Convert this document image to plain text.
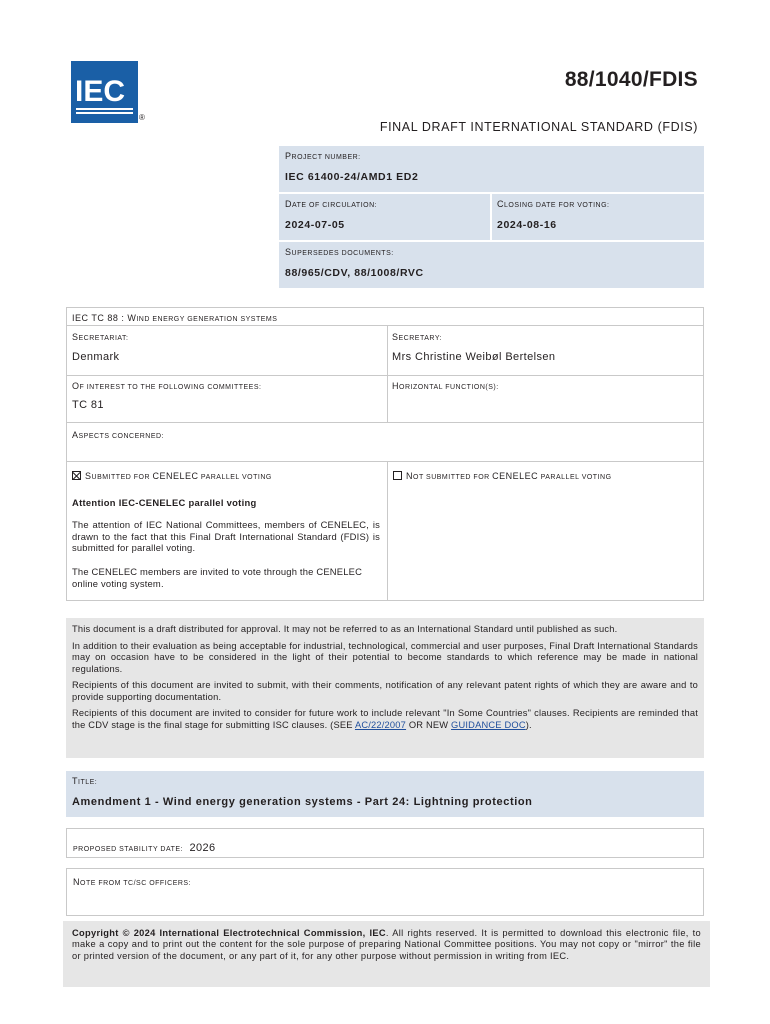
IEC
®
88/1040/FDIS
FINAL DRAFT INTERNATIONAL STANDARD (FDIS)
PROJECT NUMBER:
IEC 61400-24/AMD1 ED2
DATE OF CIRCULATION:
2024-07-05
CLOSING DATE FOR VOTING:
2024-08-16
SUPERSEDES DOCUMENTS:
88/965/CDV, 88/1008/RVC
IEC TC 88 : WIND ENERGY GENERATION SYSTEMS
SECRETARIAT:
Denmark
SECRETARY:
Mrs Christine Weibøl Bertelsen
OF INTEREST TO THE FOLLOWING COMMITTEES:
TC 81
HORIZONTAL FUNCTION(S):
ASPECTS CONCERNED:
SUBMITTED FOR CENELEC PARALLEL VOTING	NOT SUBMITTED FOR CENELEC PARALLEL VOTING
Attention IEC-CENELEC parallel voting
The attention of IEC National Committees, members of CENELEC, is drawn to the fact that this Final Draft International Standard (FDIS) is submitted for parallel voting.
The CENELEC members are invited to vote through the CENELEC online voting system.

This document is a draft distributed for approval. It may not be referred to as an International Standard until published as such.

In addition to their evaluation as being acceptable for industrial, technological, commercial and user purposes, Final Draft International Standards may on occasion have to be considered in the light of their potential to become standards to which reference may be made in national regulations.

Recipients of this document are invited to submit, with their comments, notification of any relevant patent rights of which they are aware and to provide supporting documentation.

Recipients of this document are invited to consider for future work to include relevant "In Some Countries" clauses. Recipients are reminded that the CDV stage is the final stage for submitting ISC clauses. (SEE AC/22/2007 OR NEW GUIDANCE DOC).

TITLE:
Amendment 1 - Wind energy generation systems - Part 24: Lightning protection
PROPOSED STABILITY DATE: 2026
NOTE FROM TC/SC OFFICERS:
Copyright © 2024 International Electrotechnical Commission, IEC. All rights reserved. It is permitted to download this electronic file, to make a copy and to print out the content for the sole purpose of preparing National Committee positions. You may not copy or "mirror" the file or printed version of the document, or any part of it, for any other purpose without permission in writing from IEC.
